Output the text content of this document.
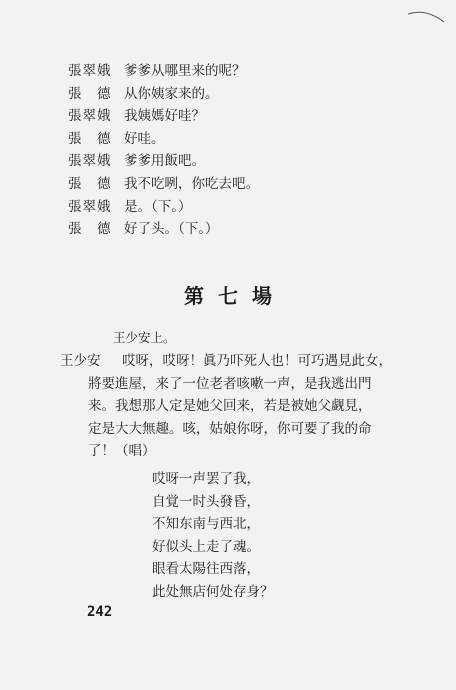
張翠娥 爹爹从哪里来的呢？
張　德 从你姨家来的。
張翠娥 我姨媽好哇？
張　德 好哇。
張翠娥 爹爹用飯吧。
張　德 我不吃咧，你吃去吧。
張翠娥 是。（下。）
張　德 好了头。（下。）
第七場
王少安上。
王少安	哎呀，哎呀！眞乃吓死人也！可巧遇見此女，
將要進屋，来了一位老者咳嗽一声，是我逃出門
来。我想那人定是她父回来，若是被她父觑見，
定是大大無趣。咳，姑娘你呀，你可要了我的命
了！（唱）
哎呀一声罢了我，
自覚一时头發昏，
不知东南与西北，
好似头上走了魂。
眼看太陽往西落，
此处無店何处存身？
242
